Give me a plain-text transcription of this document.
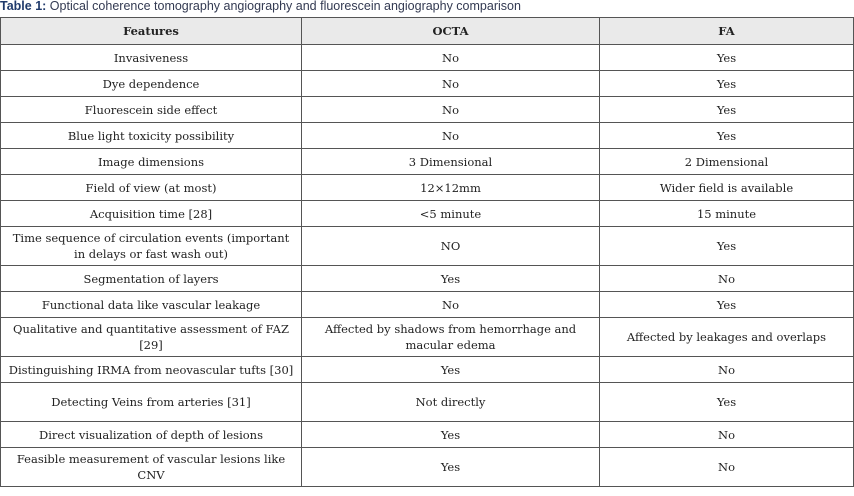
Table 1: Optical coherence tomography angiography and fluorescein angiography comparison
Features	OCTA	FA
Invasiveness	No	Yes
Dye dependence	No	Yes
Fluorescein side effect	No	Yes
Blue light toxicity possibility	No	Yes
Image dimensions	3 Dimensional	2 Dimensional
Field of view (at most)	12×12mm	Wider field is available
Acquisition time [28]	<5 minute	15 minute
Time sequence of circulation events (important in delays or fast wash out)	NO	Yes
Segmentation of layers	Yes	No
Functional data like vascular leakage	No	Yes
Qualitative and quantitative assessment of FAZ [29]	Affected by shadows from hemorrhage and macular edema	Affected by leakages and overlaps
Distinguishing IRMA from neovascular tufts [30]	Yes	No
Detecting Veins from arteries [31]	Not directly	Yes
Direct visualization of depth of lesions	Yes	No
Feasible measurement of vascular lesions like CNV	Yes	No
